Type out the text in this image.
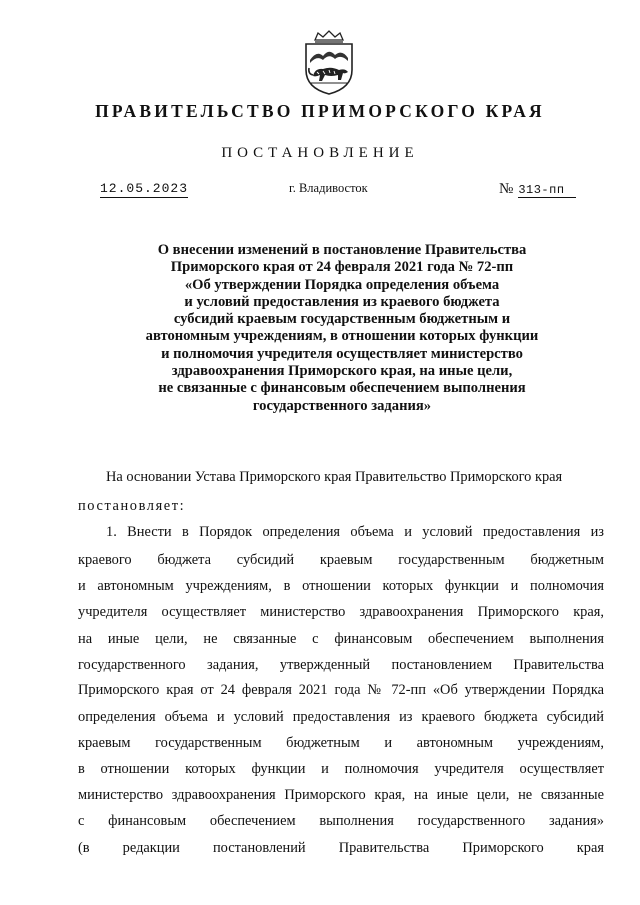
ПРАВИТЕЛЬСТВО ПРИМОРСКОГО КРАЯ
ПОСТАНОВЛЕНИЕ
12.05.2023	г. Владивосток	№ 313-пп
О внесении изменений в постановление Правительства
Приморского края от 24 февраля 2021 года № 72-пп
«Об утверждении Порядка определения объема
и условий предоставления из краевого бюджета
субсидий краевым государственным бюджетным и
автономным учреждениям, в отношении которых функции
и полномочия учредителя осуществляет министерство
здравоохранения Приморского края, на иные цели,
не связанные с финансовым обеспечением выполнения
государственного задания»
На основании Устава Приморского края Правительство Приморского края
постановляет:
1. Внести в Порядок определения объема и условий предоставления из
краевого бюджета субсидий краевым государственным бюджетным
и автономным учреждениям, в отношении которых функции и полномочия
учредителя осуществляет министерство здравоохранения Приморского края,
на иные цели, не связанные с финансовым обеспечением выполнения
государственного задания, утвержденный постановлением Правительства
Приморского края от 24 февраля 2021 года № 72-пп «Об утверждении Порядка
определения объема и условий предоставления из краевого бюджета субсидий
краевым государственным бюджетным и автономным учреждениям,
в отношении которых функции и полномочия учредителя осуществляет
министерство здравоохранения Приморского края, на иные цели, не связанные
с финансовым обеспечением выполнения государственного задания»
(в редакции постановлений Правительства Приморского края
